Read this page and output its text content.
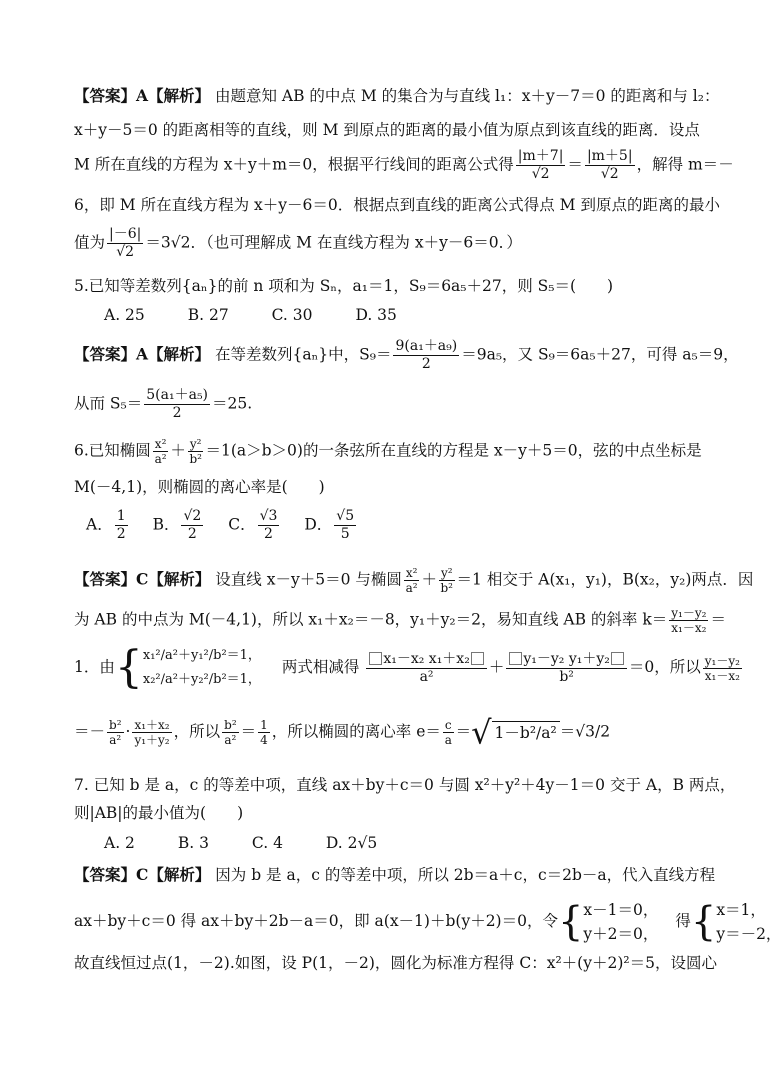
【答案】A【解析】 由题意知 AB 的中点 M 的集合为与直线 l₁：x＋y－7＝0 的距离和与 l₂：
x＋y－5＝0 的距离相等的直线，则 M 到原点的距离的最小值为原点到该直线的距离．设点
M 所在直线的方程为 x＋y＋m＝0，根据平行线间的距离公式得 $\frac{|m+7|}{√2} = \frac{|m+5|}{√2}$ ，解得 m＝－
6，即 M 所在直线方程为 x＋y－6＝0．根据点到直线的距离公式得点 M 到原点的距离的最小
值为 $\frac{|-6|}{√2} =3√2$．（也可理解成 M 在直线方程为 x＋y－6＝0．）
5.已知等差数列{aₙ}的前 n 项和为 Sₙ，a₁＝1，S₉＝6a₅＋27，则 S₅＝(　　)
A. 25	B. 27	C. 30	D. 35
【答案】A【解析】 在等差数列{aₙ}中，$S_9= \frac{\text{9(a₁＋a₉)}}{2} =9a_5$，又 S₉＝6a₅＋27，可得 a₅＝9，
从而 $S_5= \frac{\text{5(a₁＋a₅)}}{2} =25$.
6.已知椭圆 $\frac{\text{x²}}{\text{a²}} + \frac{\text{y²}}{\text{b²}} =1(a>b>0)$的一条弦所在直线的方程是 x－y＋5＝0，弦的中点坐标是
M(－4,1)，则椭圆的离心率是(　　)
A． $\frac{1}{2}$ B． $\frac{√2}{2}$ C． $\frac{√3}{2}$ D． $\frac{√5}{5}$
【答案】C【解析】 设直线 x－y＋5＝0 与椭圆 $\frac{\text{x²}}{\text{a²}} + \frac{\text{y²}}{\text{b²}} =1$ 相交于 A(x₁，y₁)，B(x₂，y₂)两点．因
为 AB 的中点为 M(－4,1)，所以 x₁＋x₂＝－8，y₁＋y₂＝2，易知直线 AB 的斜率 $k= \frac{\text{y₁－y₂}}{\text{x₁－x₂}}$ ＝
1．由{ x₁²/a²＋y₁²/b²＝1，
x₂²/a²＋y₂²/b²＝1，
两式相减得 $\frac{\text{x₁－x₂ x₁＋x₂}}{\text{a²}} + \frac{\text{y₁－y₂ y₁＋y₂}}{\text{b²}} =0$，所以 $\frac{\text{y₁－y₂}}{\text{x₁－x₂}}$
＝－ $\frac{\text{b²}}{\text{a²}} \cdot \frac{\text{x₁＋x₂}}{\text{y₁＋y₂}}$ ，所以 $\frac{\text{b²}}{\text{a²}} = \frac{1}{4}$ ，所以椭圆的离心率 $e= \frac{c}{a}$ ＝√ 1－b²/a² ＝√3/2
7. 已知 b 是 a，c 的等差中项，直线 ax＋by＋c＝0 与圆 x²＋y²＋4y－1＝0 交于 A，B 两点，
则|AB|的最小值为(　　)
A. 2	B. 3	C. 4	D. 2√5
【答案】C【解析】 因为 b 是 a，c 的等差中项，所以 2b＝a＋c，c＝2b－a，代入直线方程
ax＋by＋c＝0 得 ax＋by＋2b－a＝0，即 a(x－1)＋b(y＋2)＝0，令{ x－1＝0，
y＋2＝0，
得{ x＝1，
y＝－2，
故直线恒过点(1，－2).如图，设 P(1，－2)，圆化为标准方程得 C：x²＋(y＋2)²＝5，设圆心
